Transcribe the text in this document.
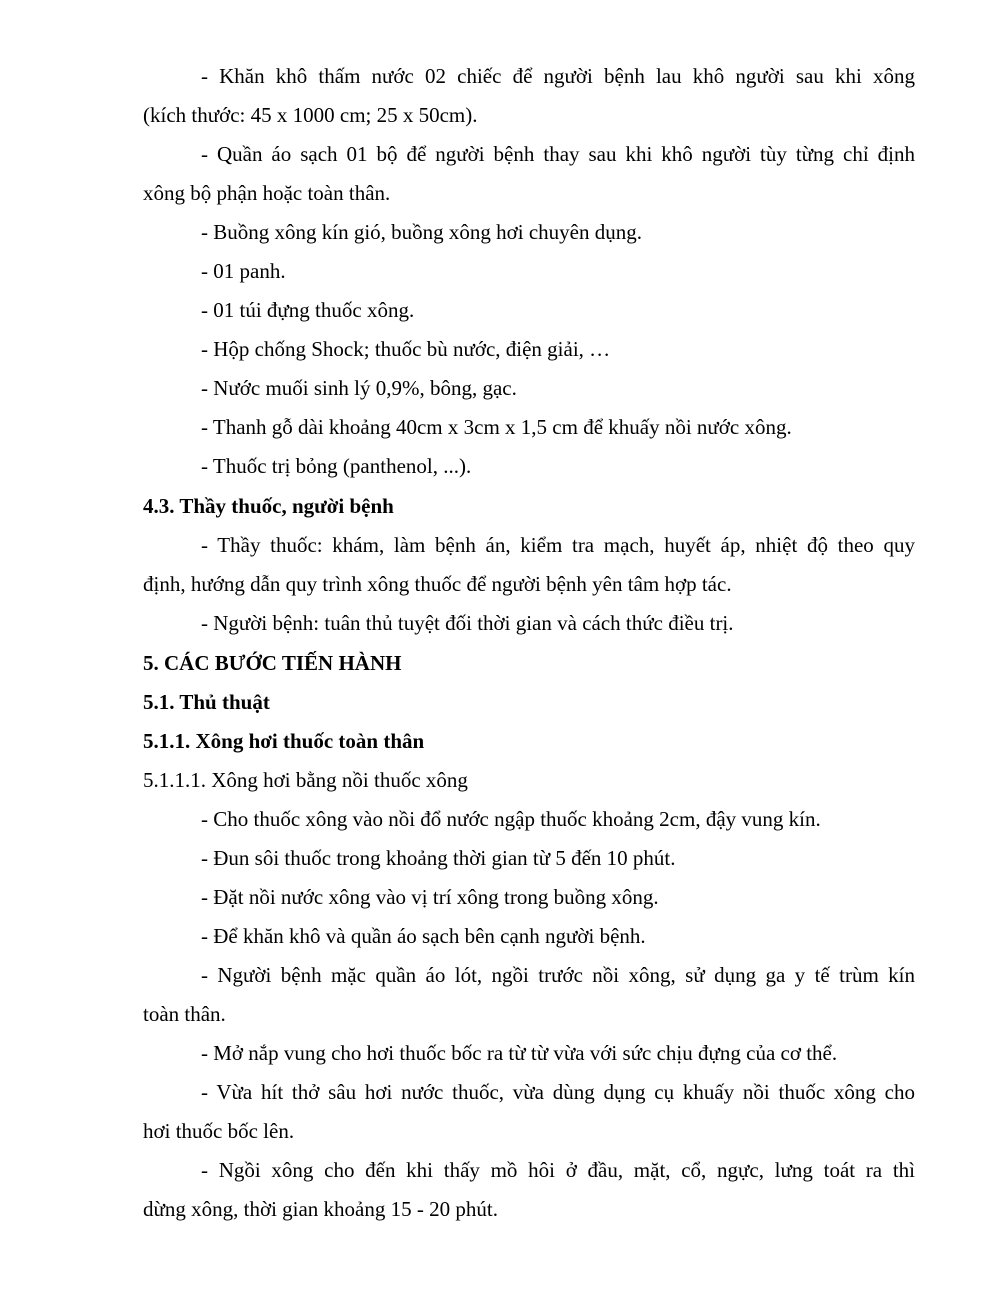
- Khăn khô thấm nước 02 chiếc để người bệnh lau khô người sau khi xông
(kích thước: 45 x 1000 cm; 25 x 50cm).
- Quần áo sạch 01 bộ để người bệnh thay sau khi khô người tùy từng chỉ định
xông bộ phận hoặc toàn thân.
- Buồng xông kín gió, buồng xông hơi chuyên dụng.
- 01 panh.
- 01 túi đựng thuốc xông.
- Hộp chống Shock; thuốc bù nước, điện giải, …
- Nước muối sinh lý 0,9%, bông, gạc.
- Thanh gỗ dài khoảng 40cm x 3cm x 1,5 cm để khuấy nồi nước xông.
- Thuốc trị bỏng (panthenol, ...).
4.3. Thầy thuốc, người bệnh
- Thầy thuốc: khám, làm bệnh án, kiểm tra mạch, huyết áp, nhiệt độ theo quy
định, hướng dẫn quy trình xông thuốc để người bệnh yên tâm hợp tác.
- Người bệnh: tuân thủ tuyệt đối thời gian và cách thức điều trị.
5. CÁC BƯỚC TIẾN HÀNH
5.1. Thủ thuật
5.1.1. Xông hơi thuốc toàn thân
5.1.1.1. Xông hơi bằng nồi thuốc xông
- Cho thuốc xông vào nồi đổ nước ngập thuốc khoảng 2cm, đậy vung kín.
- Đun sôi thuốc trong khoảng thời gian từ 5 đến 10 phút.
- Đặt nồi nước xông vào vị trí xông trong buồng xông.
- Để khăn khô và quần áo sạch bên cạnh người bệnh.
- Người bệnh mặc quần áo lót, ngồi trước nồi xông, sử dụng ga y tế trùm kín
toàn thân.
- Mở nắp vung cho hơi thuốc bốc ra từ từ vừa với sức chịu đựng của cơ thể.
- Vừa hít thở sâu hơi nước thuốc, vừa dùng dụng cụ khuấy nồi thuốc xông cho
hơi thuốc bốc lên.
- Ngồi xông cho đến khi thấy mồ hôi ở đầu, mặt, cổ, ngực, lưng toát ra thì
dừng xông, thời gian khoảng 15 - 20 phút.
